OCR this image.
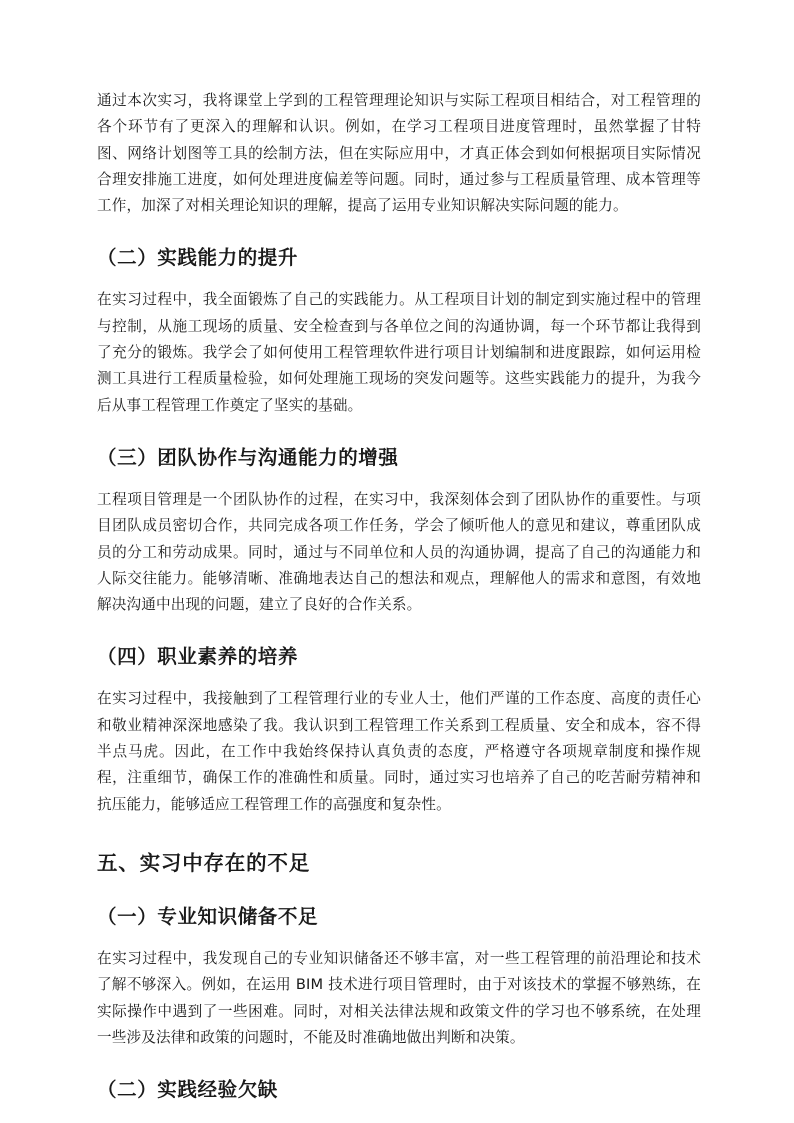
通过本次实习，我将课堂上学到的工程管理理论知识与实际工程项目相结合，对工程管理的各个环节有了更深入的理解和认识。例如，在学习工程项目进度管理时，虽然掌握了甘特图、网络计划图等工具的绘制方法，但在实际应用中，才真正体会到如何根据项目实际情况合理安排施工进度，如何处理进度偏差等问题。同时，通过参与工程质量管理、成本管理等工作，加深了对相关理论知识的理解，提高了运用专业知识解决实际问题的能力。

（二）实践能力的提升

在实习过程中，我全面锻炼了自己的实践能力。从工程项目计划的制定到实施过程中的管理与控制，从施工现场的质量、安全检查到与各单位之间的沟通协调，每一个环节都让我得到了充分的锻炼。我学会了如何使用工程管理软件进行项目计划编制和进度跟踪，如何运用检测工具进行工程质量检验，如何处理施工现场的突发问题等。这些实践能力的提升，为我今后从事工程管理工作奠定了坚实的基础。

（三）团队协作与沟通能力的增强

工程项目管理是一个团队协作的过程，在实习中，我深刻体会到了团队协作的重要性。与项目团队成员密切合作，共同完成各项工作任务，学会了倾听他人的意见和建议，尊重团队成员的分工和劳动成果。同时，通过与不同单位和人员的沟通协调，提高了自己的沟通能力和人际交往能力。能够清晰、准确地表达自己的想法和观点，理解他人的需求和意图，有效地解决沟通中出现的问题，建立了良好的合作关系。

（四）职业素养的培养

在实习过程中，我接触到了工程管理行业的专业人士，他们严谨的工作态度、高度的责任心和敬业精神深深地感染了我。我认识到工程管理工作关系到工程质量、安全和成本，容不得半点马虎。因此，在工作中我始终保持认真负责的态度，严格遵守各项规章制度和操作规程，注重细节，确保工作的准确性和质量。同时，通过实习也培养了自己的吃苦耐劳精神和抗压能力，能够适应工程管理工作的高强度和复杂性。

五、实习中存在的不足
（一）专业知识储备不足

在实习过程中，我发现自己的专业知识储备还不够丰富，对一些工程管理的前沿理论和技术了解不够深入。例如，在运用 BIM 技术进行项目管理时，由于对该技术的掌握不够熟练，在实际操作中遇到了一些困难。同时，对相关法律法规和政策文件的学习也不够系统，在处理一些涉及法律和政策的问题时，不能及时准确地做出判断和决策。

（二）实践经验欠缺
